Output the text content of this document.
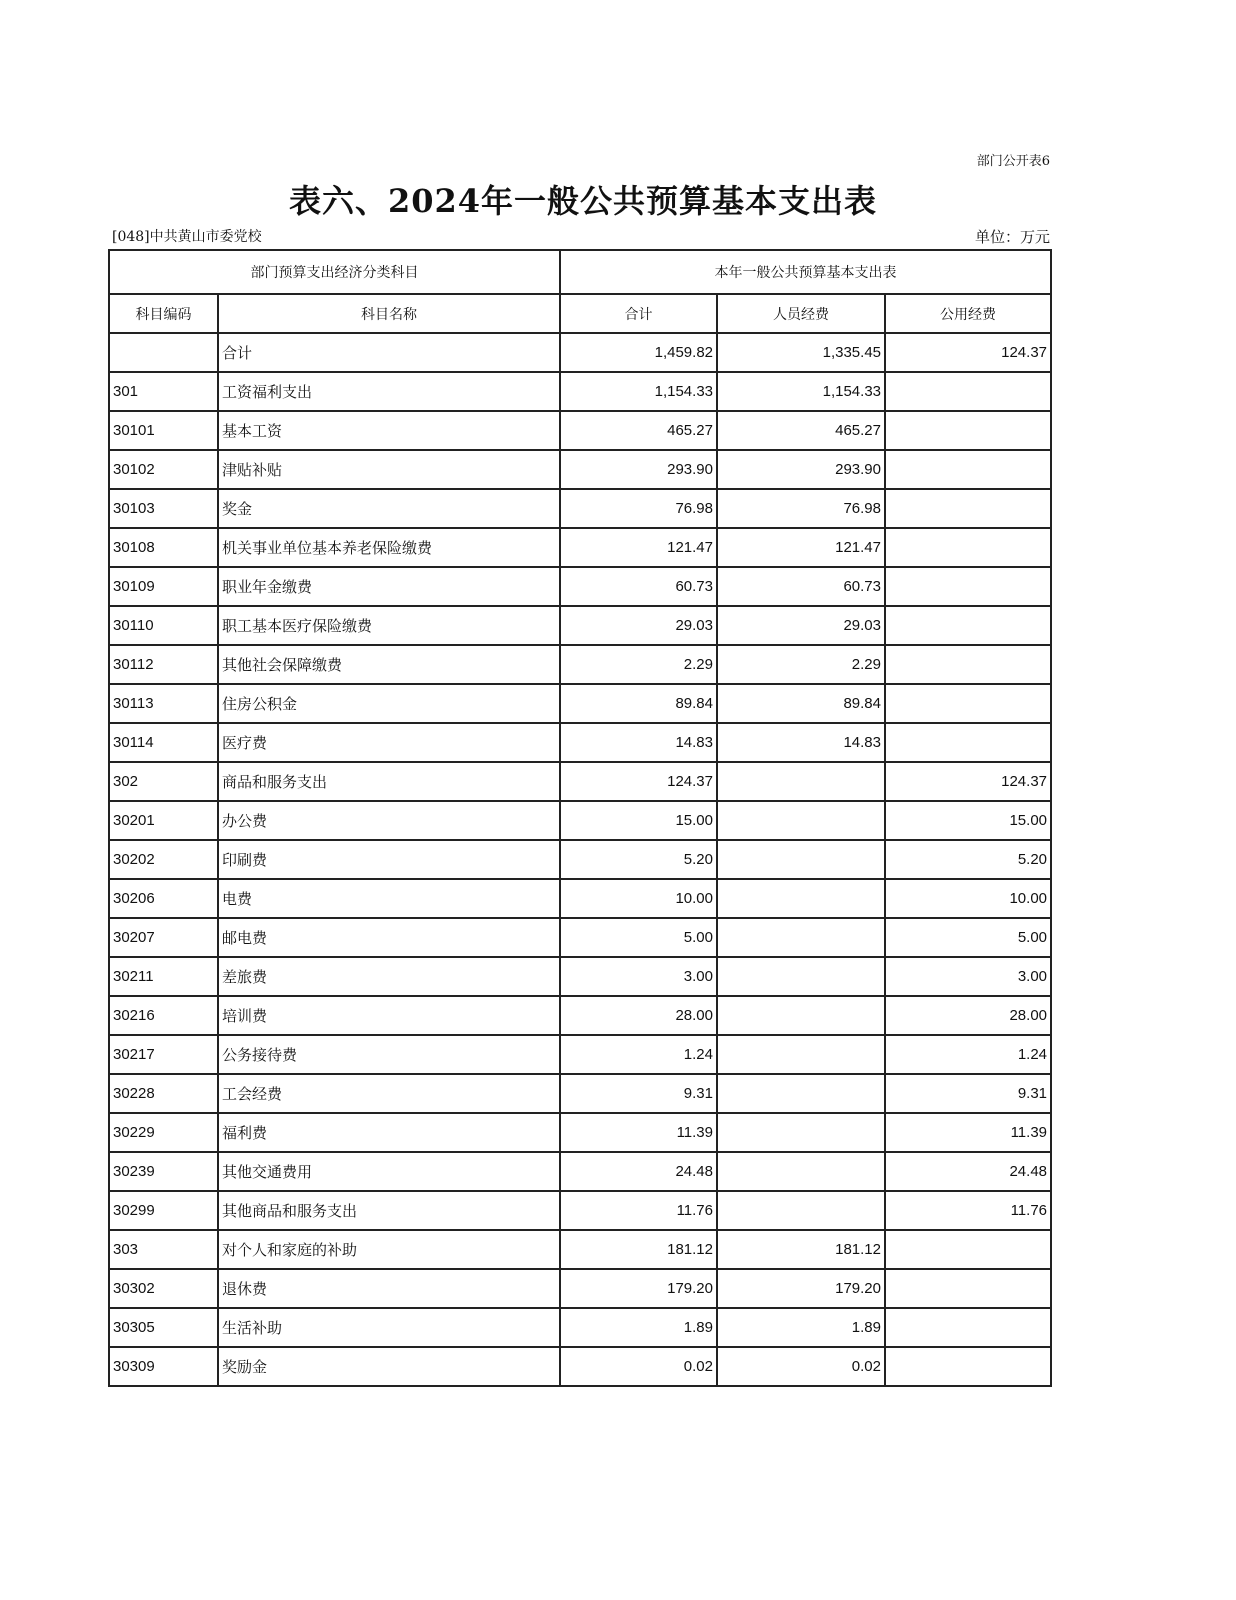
部门公开表6
表六、2024年一般公共预算基本支出表
[048]中共黄山市委党校	单位：万元
部门预算支出经济分类科目		本年一般公共预算基本支出表		
科目编码	科目名称	合计	人员经费	公用经费
	合计	1,459.82	1,335.45	124.37
301	工资福利支出	1,154.33	1,154.33	
30101	基本工资	465.27	465.27	
30102	津贴补贴	293.90	293.90	
30103	奖金	76.98	76.98	
30108	机关事业单位基本养老保险缴费	121.47	121.47	
30109	职业年金缴费	60.73	60.73	
30110	职工基本医疗保险缴费	29.03	29.03	
30112	其他社会保障缴费	2.29	2.29	
30113	住房公积金	89.84	89.84	
30114	医疗费	14.83	14.83	
302	商品和服务支出	124.37		124.37
30201	办公费	15.00		15.00
30202	印刷费	5.20		5.20
30206	电费	10.00		10.00
30207	邮电费	5.00		5.00
30211	差旅费	3.00		3.00
30216	培训费	28.00		28.00
30217	公务接待费	1.24		1.24
30228	工会经费	9.31		9.31
30229	福利费	11.39		11.39
30239	其他交通费用	24.48		24.48
30299	其他商品和服务支出	11.76		11.76
303	对个人和家庭的补助	181.12	181.12	
30302	退休费	179.20	179.20	
30305	生活补助	1.89	1.89	
30309	奖励金	0.02	0.02	
